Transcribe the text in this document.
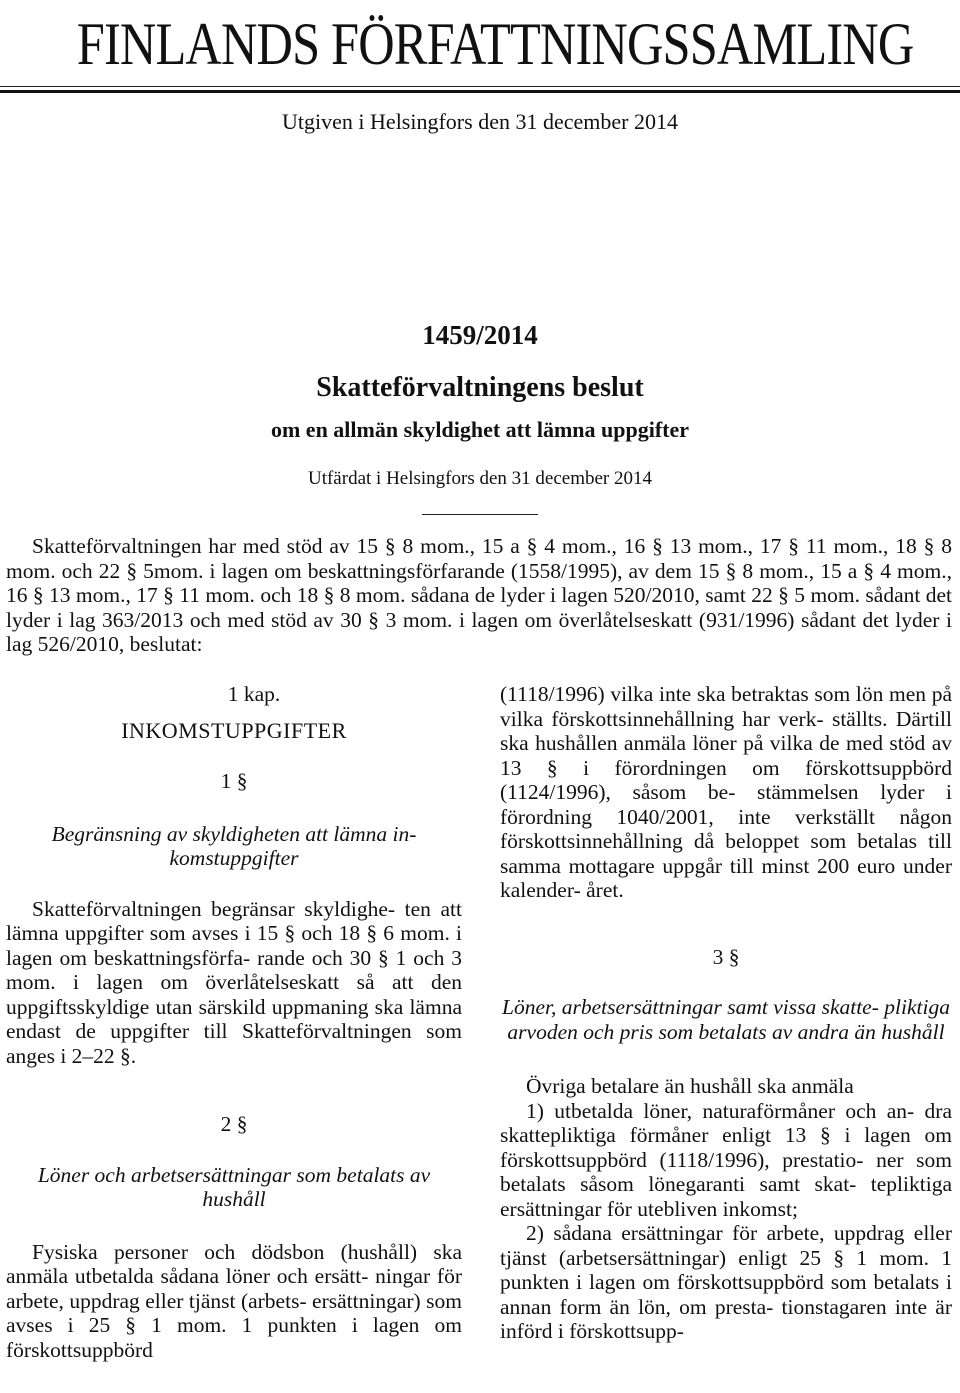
FINLANDS FÖRFATTNINGSSAMLING
Utgiven i Helsingfors den 31 december 2014
1459/2014
Skatteförvaltningens beslut
om en allmän skyldighet att lämna uppgifter
Utfärdat i Helsingfors den 31 december 2014

Skatteförvaltningen har med stöd av 15 § 8 mom., 15 a § 4 mom., 16 § 13 mom., 17 § 11 mom., 18 § 8 mom. och 22 § 5mom. i lagen om beskattningsförfarande (1558/1995), av dem 15 § 8 mom., 15 a § 4 mom., 16 § 13 mom., 17 § 11 mom. och 18 § 8 mom. sådana de lyder i lagen 520/2010, samt 22 § 5 mom. sådant det lyder i lag 363/2013 och med stöd av 30 § 3 mom. i lagen om överlåtelseskatt (931/1996) sådant det lyder i lag 526/2010, beslutat:

1 kap.
INKOMSTUPPGIFTER
1 §
Begränsning av skyldigheten att lämna in- komstuppgifter

Skatteförvaltningen begränsar skyldighe- ten att lämna uppgifter som avses i 15 § och 18 § 6 mom. i lagen om beskattningsförfa- rande och 30 § 1 och 3 mom. i lagen om överlåtelseskatt så att den uppgiftsskyldige utan särskild uppmaning ska lämna endast de uppgifter till Skatteförvaltningen som anges i 2–22 §.

2 §
Löner och arbetsersättningar som betalats av hushåll

Fysiska personer och dödsbon (hushåll) ska anmäla utbetalda sådana löner och ersätt- ningar för arbete, uppdrag eller tjänst (arbets- ersättningar) som avses i 25 § 1 mom. 1 punkten i lagen om förskottsuppbörd

(1118/1996) vilka inte ska betraktas som lön men på vilka förskottsinnehållning har verk- ställts. Därtill ska hushållen anmäla löner på vilka de med stöd av 13 § i förordningen om förskottsuppbörd (1124/1996), såsom be- stämmelsen lyder i förordning 1040/2001, inte verkställt någon förskottsinnehållning då beloppet som betalas till samma mottagare uppgår till minst 200 euro under kalender- året.

3 §
Löner, arbetsersättningar samt vissa skatte- pliktiga arvoden och pris som betalats av andra än hushåll

Övriga betalare än hushåll ska anmäla

1) utbetalda löner, naturaförmåner och an- dra skattepliktiga förmåner enligt 13 § i lagen om förskottsuppbörd (1118/1996), prestatio- ner som betalats såsom lönegaranti samt skat- tepliktiga ersättningar för utebliven inkomst;

2) sådana ersättningar för arbete, uppdrag eller tjänst (arbetsersättningar) enligt 25 § 1 mom. 1 punkten i lagen om förskottsuppbörd som betalats i annan form än lön, om presta- tionstagaren inte är införd i förskottsupp-
